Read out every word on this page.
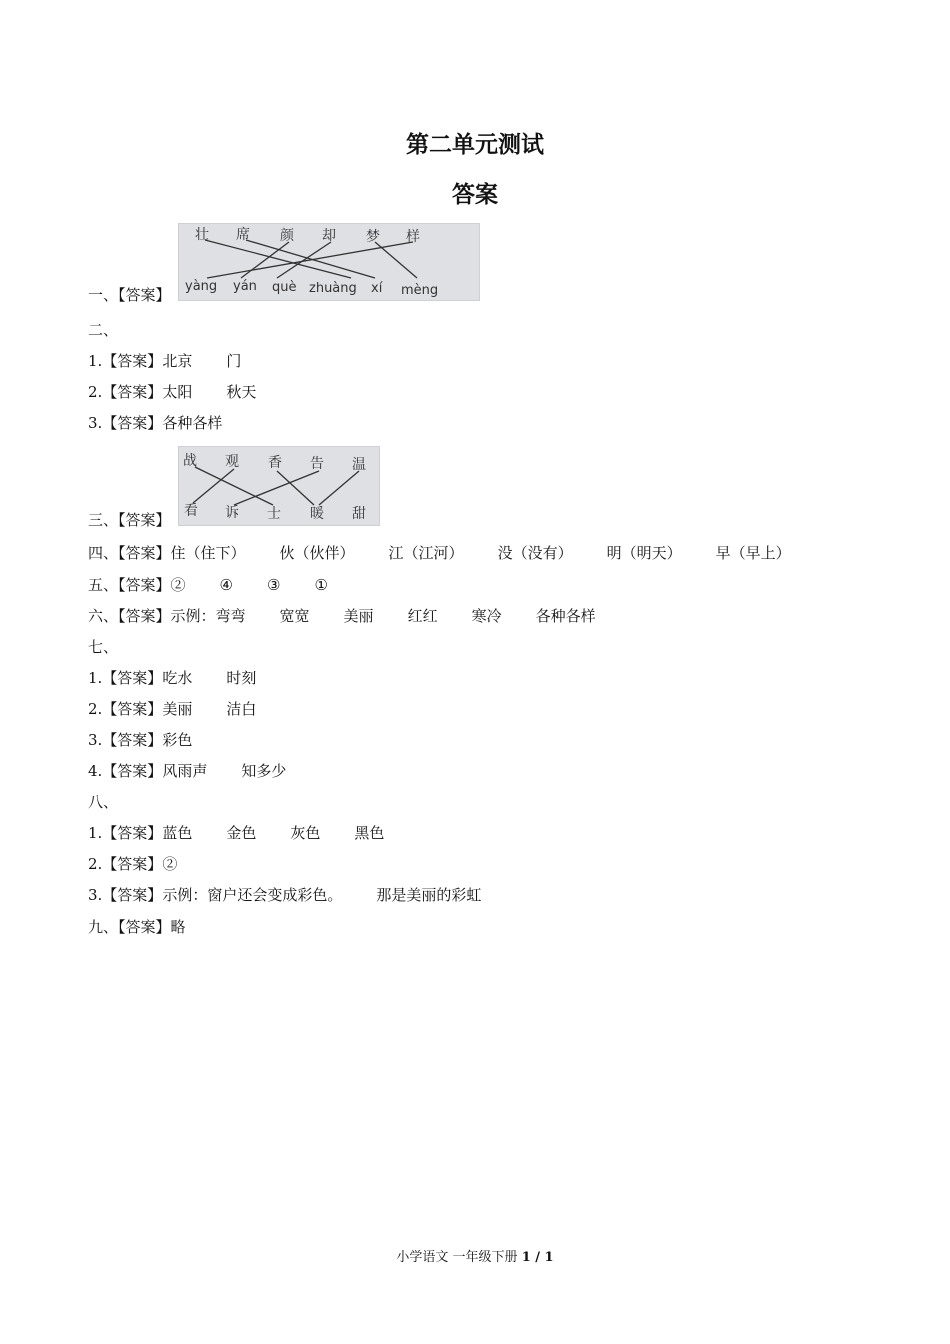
第二单元测试
答案
壮 席 颜 却 梦 样
yàng yán què zhuàng xí mèng
一、【答案】
二、
1.【答案】北京 门
2.【答案】太阳 秋天
3.【答案】各种各样
战 观 香 告 温
看 诉 士 暖 甜
三、【答案】
四、【答案】住（住下） 伙（伙伴） 江（江河） 没（没有） 明（明天） 早（早上）
五、【答案】② ④ ③ ①
六、【答案】示例：弯弯 宽宽 美丽 红红 寒冷 各种各样
七、
1.【答案】吃水 时刻
2.【答案】美丽 洁白
3.【答案】彩色
4.【答案】风雨声 知多少
八、
1.【答案】蓝色 金色 灰色 黑色
2.【答案】②
3.【答案】示例：窗户还会变成彩色。 那是美丽的彩虹
九、【答案】略
小学语文 一年级下册 1 / 1
